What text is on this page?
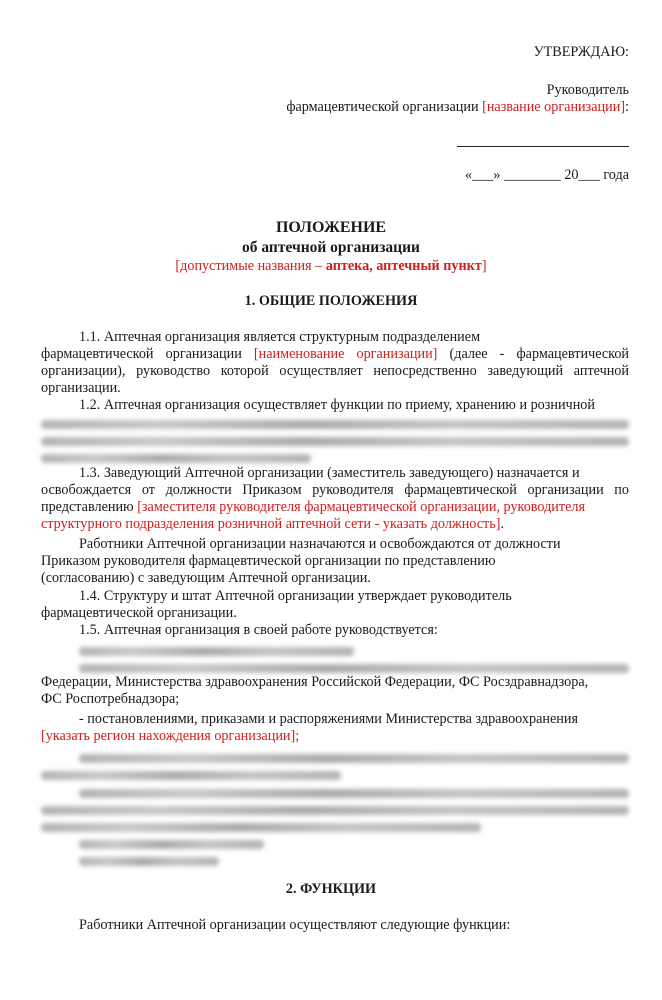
УТВЕРЖДАЮ:
Руководитель
фармацевтической организации [название организации]:
«___» ________ 20___ года
ПОЛОЖЕНИЕ
об аптечной организации
[допустимые названия – аптека, аптечный пункт]
1. ОБЩИЕ ПОЛОЖЕНИЯ
1.1. Аптечная организация является структурным подразделением
фармацевтической организации [наименование организации] (далее - фармацевтической
организации), руководство которой осуществляет непосредственно заведующий аптечной
организации.
1.2. Аптечная организация осуществляет функции по приему, хранению и розничной
1.3. Заведующий Аптечной организации (заместитель заведующего) назначается и
освобождается от должности Приказом руководителя фармацевтической организации по
представлению [заместителя руководителя фармацевтической организации, руководителя
структурного подразделения розничной аптечной сети - указать должность].
Работники Аптечной организации назначаются и освобождаются от должности
Приказом руководителя фармацевтической организации по представлению
(согласованию) с заведующим Аптечной организации.
1.4. Структуру и штат Аптечной организации утверждает руководитель
фармацевтической организации.
1.5. Аптечная организация в своей работе руководствуется:
Федерации, Министерства здравоохранения Российской Федерации, ФС Росздравнадзора,
ФС Роспотребнадзора;
- постановлениями, приказами и распоряжениями Министерства здравоохранения
[указать регион нахождения организации];
2. ФУНКЦИИ
Работники Аптечной организации осуществляют следующие функции:
